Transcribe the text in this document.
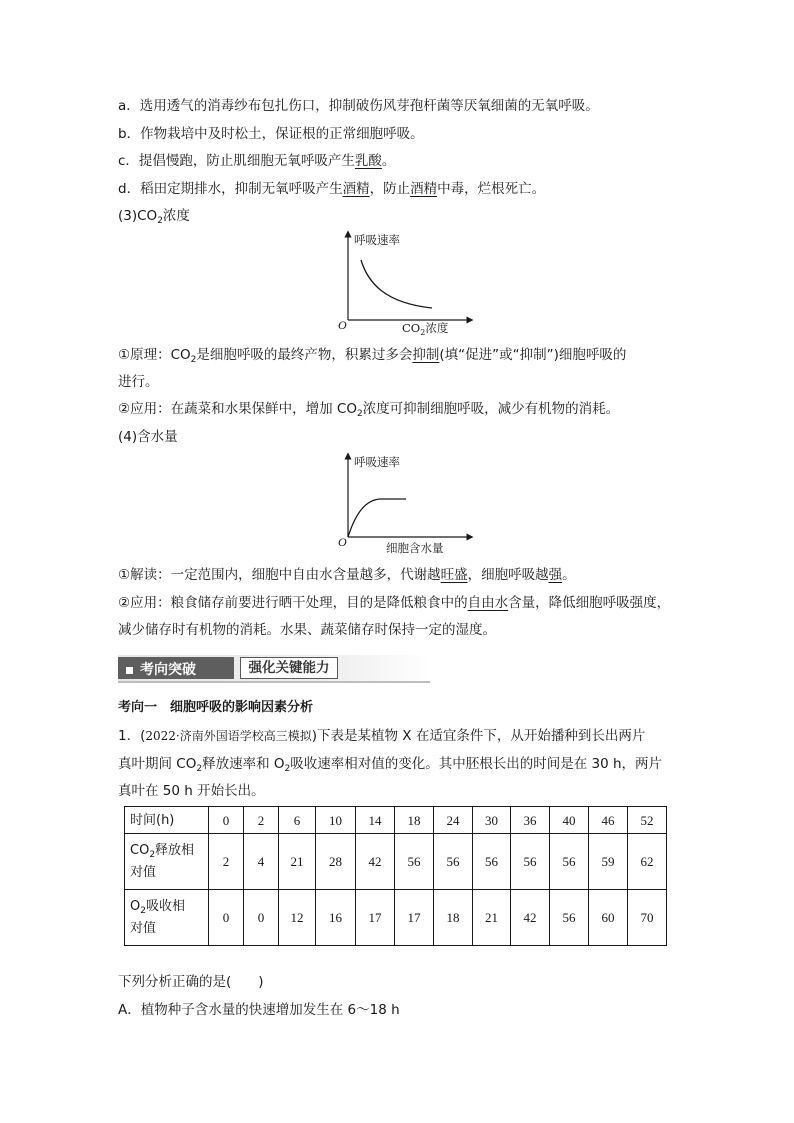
a．选用透气的消毒纱布包扎伤口，抑制破伤风芽孢杆菌等厌氧细菌的无氧呼吸。
b．作物栽培中及时松土，保证根的正常细胞呼吸。
c．提倡慢跑，防止肌细胞无氧呼吸产生乳酸。
d．稻田定期排水，抑制无氧呼吸产生酒精，防止酒精中毒，烂根死亡。
$(3)CO_2$浓度
呼吸速率
O	$CO_2$浓度
①原理：$CO_2$是细胞呼吸的最终产物，积累过多会抑制(填“促进”或“抑制”)细胞呼吸的
进行。
②应用：在蔬菜和水果保鲜中，增加 $CO_2$浓度可抑制细胞呼吸，减少有机物的消耗。
(4)含水量
呼吸速率
O	细胞含水量
①解读：一定范围内，细胞中自由水含量越多，代谢越旺盛，细胞呼吸越强。
②应用：粮食储存前要进行晒干处理，目的是降低粮食中的自由水含量，降低细胞呼吸强度，
减少储存时有机物的消耗。水果、蔬菜储存时保持一定的湿度。
考向突破	强化关键能力
考向一　细胞呼吸的影响因素分析
1．(2022·济南外国语学校高三模拟)下表是某植物 X 在适宜条件下，从开始播种到长出两片
真叶期间 $CO_2$释放速率和 $O_2$吸收速率相对值的变化。其中胚根长出的时间是在 30 h，两片
真叶在 50 h 开始长出。
时间(h)	0	2	6	10	14	18	24	30	36	40	46	52
$CO_2$释放相
对值	2	4	21	28	42	56	56	56	56	56	59	62
$O_2$吸收相
对值	0	0	12	16	17	17	18	21	42	56	60	70
下列分析正确的是(　　)
A．植物种子含水量的快速增加发生在 6～18 h
